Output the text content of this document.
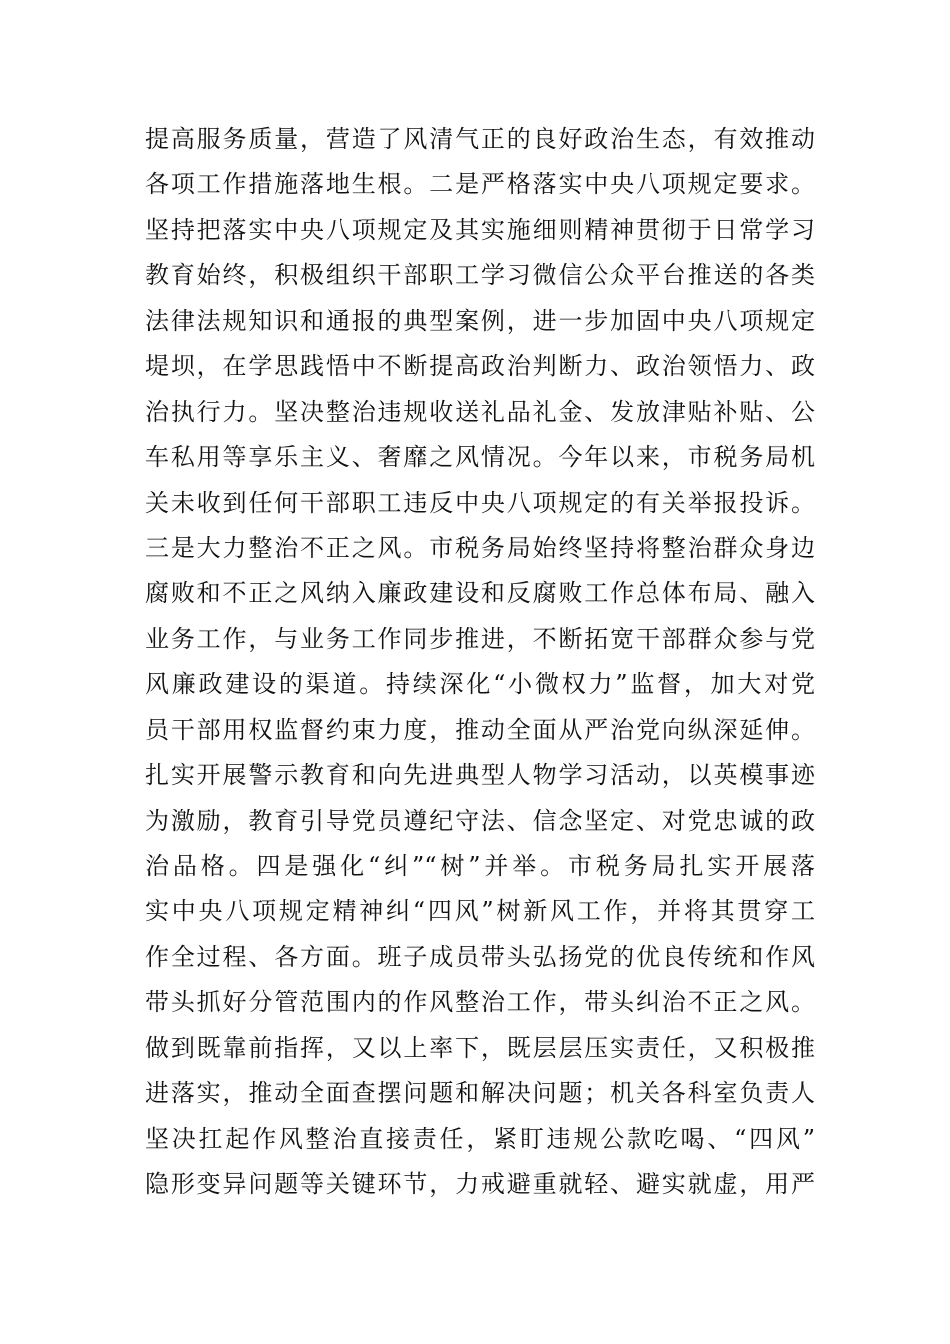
提高服务质量，营造了风清气正的良好政治生态，有效推动
各项工作措施落地生根。二是严格落实中央八项规定要求。
坚持把落实中央八项规定及其实施细则精神贯彻于日常学习
教育始终，积极组织干部职工学习微信公众平台推送的各类
法律法规知识和通报的典型案例，进一步加固中央八项规定
堤坝，在学思践悟中不断提高政治判断力、政治领悟力、政
治执行力。坚决整治违规收送礼品礼金、发放津贴补贴、公
车私用等享乐主义、奢靡之风情况。今年以来，市税务局机
关未收到任何干部职工违反中央八项规定的有关举报投诉。
三是大力整治不正之风。市税务局始终坚持将整治群众身边
腐败和不正之风纳入廉政建设和反腐败工作总体布局、融入
业务工作，与业务工作同步推进，不断拓宽干部群众参与党
风廉政建设的渠道。持续深化“小微权力”监督，加大对党
员干部用权监督约束力度，推动全面从严治党向纵深延伸。
扎实开展警示教育和向先进典型人物学习活动，以英模事迹
为激励，教育引导党员遵纪守法、信念坚定、对党忠诚的政
治品格。四是强化“纠”“树”并举。市税务局扎实开展落
实中央八项规定精神纠“四风”树新风工作，并将其贯穿工
作全过程、各方面。班子成员带头弘扬党的优良传统和作风
带头抓好分管范围内的作风整治工作，带头纠治不正之风。
做到既靠前指挥，又以上率下，既层层压实责任，又积极推
进落实，推动全面查摆问题和解决问题；机关各科室负责人
坚决扛起作风整治直接责任，紧盯违规公款吃喝、“四风”
隐形变异问题等关键环节，力戒避重就轻、避实就虚，用严
